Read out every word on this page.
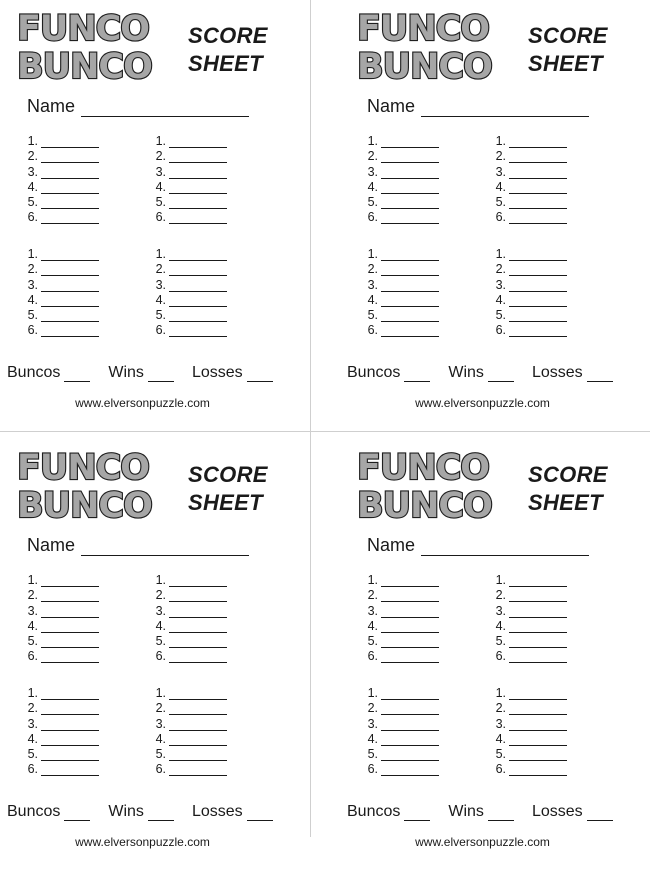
FUNCO
BUNCO
SCORE
SHEET
Name
1.
2.
3.
4.
5.
6.
1.
2.
3.
4.
5.
6.
1.
2.
3.
4.
5.
6.
1.
2.
3.
4.
5.
6.
Buncos	Wins	Losses
www.elversonpuzzle.com
FUNCO
BUNCO
SCORE
SHEET
Name
1.
2.
3.
4.
5.
6.
1.
2.
3.
4.
5.
6.
1.
2.
3.
4.
5.
6.
1.
2.
3.
4.
5.
6.
Buncos	Wins	Losses
www.elversonpuzzle.com
FUNCO
BUNCO
SCORE
SHEET
Name
1.
2.
3.
4.
5.
6.
1.
2.
3.
4.
5.
6.
1.
2.
3.
4.
5.
6.
1.
2.
3.
4.
5.
6.
Buncos	Wins	Losses
www.elversonpuzzle.com
FUNCO
BUNCO
SCORE
SHEET
Name
1.
2.
3.
4.
5.
6.
1.
2.
3.
4.
5.
6.
1.
2.
3.
4.
5.
6.
1.
2.
3.
4.
5.
6.
Buncos	Wins	Losses
www.elversonpuzzle.com
